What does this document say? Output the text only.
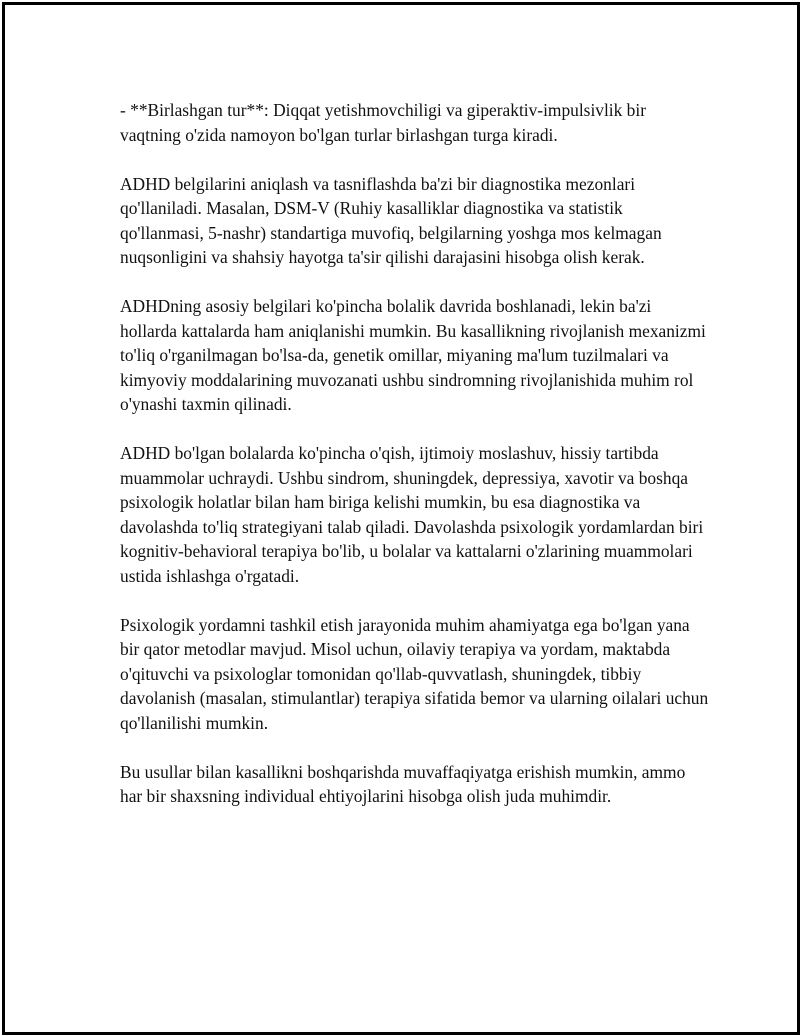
- **Birlashgan tur**: Diqqat yetishmovchiligi va giperaktiv-impulsivlik bir vaqtning o'zida namoyon bo'lgan turlar birlashgan turga kiradi.

ADHD belgilarini aniqlash va tasniflashda ba'zi bir diagnostika mezonlari qo'llaniladi. Masalan, DSM-V (Ruhiy kasalliklar diagnostika va statistik qo'llanmasi, 5-nashr) standartiga muvofiq, belgilarning yoshga mos kelmagan nuqsonligini va shahsiy hayotga ta'sir qilishi darajasini hisobga olish kerak.

ADHDning asosiy belgilari ko'pincha bolalik davrida boshlanadi, lekin ba'zi hollarda kattalarda ham aniqlanishi mumkin. Bu kasallikning rivojlanish mexanizmi to'liq o'rganilmagan bo'lsa-da, genetik omillar, miyaning ma'lum tuzilmalari va kimyoviy moddalarining muvozanati ushbu sindromning rivojlanishida muhim rol o'ynashi taxmin qilinadi.

ADHD bo'lgan bolalarda ko'pincha o'qish, ijtimoiy moslashuv, hissiy tartibda muammolar uchraydi. Ushbu sindrom, shuningdek, depressiya, xavotir va boshqa psixologik holatlar bilan ham biriga kelishi mumkin, bu esa diagnostika va davolashda to'liq strategiyani talab qiladi. Davolashda psixologik yordamlardan biri kognitiv-behavioral terapiya bo'lib, u bolalar va kattalarni o'zlarining muammolari ustida ishlashga o'rgatadi.

Psixologik yordamni tashkil etish jarayonida muhim ahamiyatga ega bo'lgan yana bir qator metodlar mavjud. Misol uchun, oilaviy terapiya va yordam, maktabda o'qituvchi va psixologlar tomonidan qo'llab-quvvatlash, shuningdek, tibbiy davolanish (masalan, stimulantlar) terapiya sifatida bemor va ularning oilalari uchun qo'llanilishi mumkin.

Bu usullar bilan kasallikni boshqarishda muvaffaqiyatga erishish mumkin, ammo har bir shaxsning individual ehtiyojlarini hisobga olish juda muhimdir.
